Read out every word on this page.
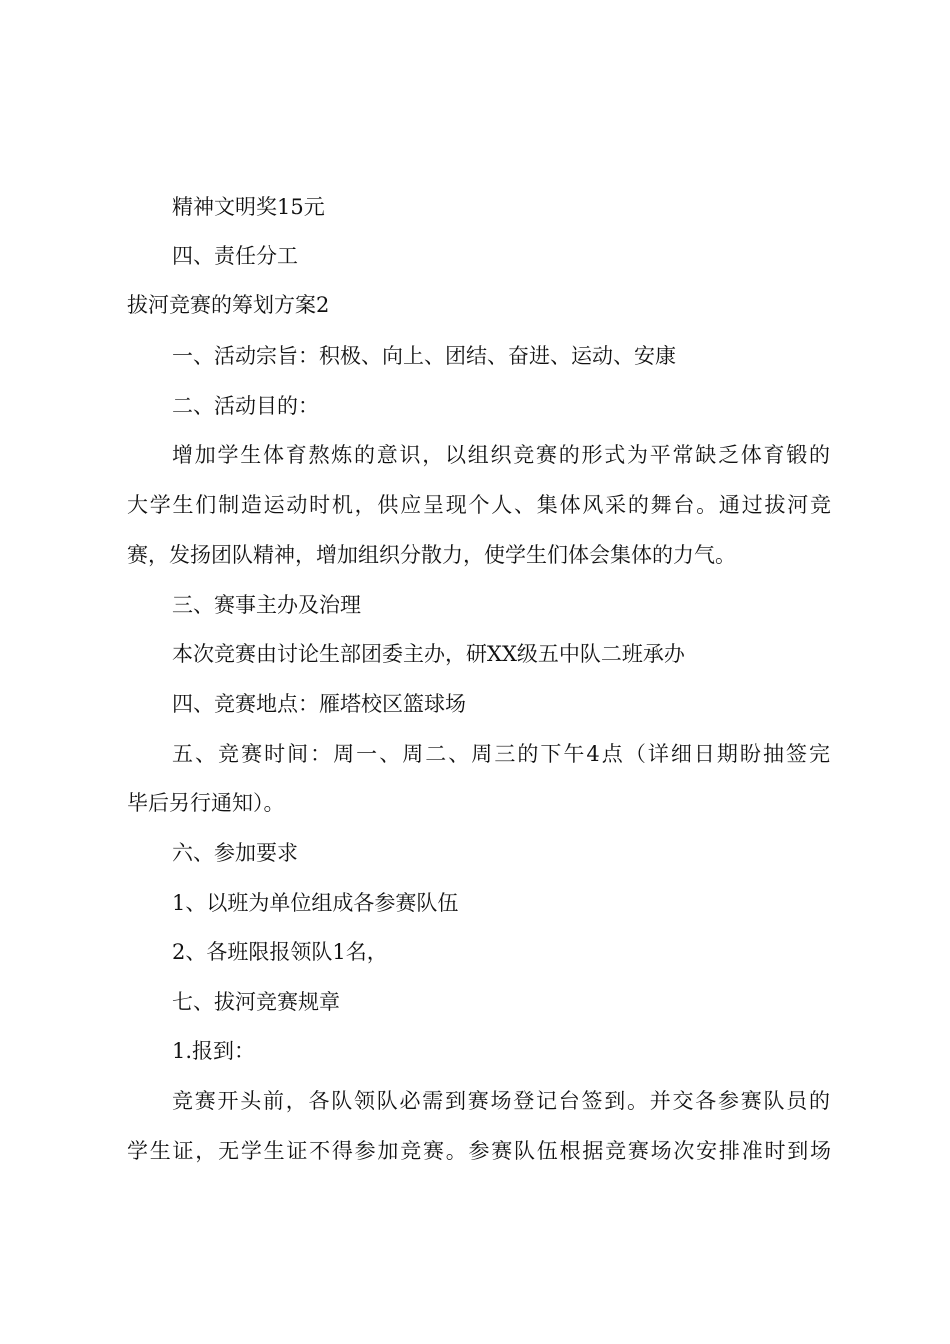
精神文明奖15元
四、责任分工
拔河竞赛的筹划方案2
一、活动宗旨：积极、向上、团结、奋进、运动、安康
二、活动目的：
增加学生体育熬炼的意识，以组织竞赛的形式为平常缺乏体育锻的
大学生们制造运动时机，供应呈现个人、集体风采的舞台。通过拔河竞
赛，发扬团队精神，增加组织分散力，使学生们体会集体的力气。
三、赛事主办及治理
本次竞赛由讨论生部团委主办，研XX级五中队二班承办
四、竞赛地点：雁塔校区篮球场
五、竞赛时间：周一、周二、周三的下午4点（详细日期盼抽签完
毕后另行通知）。
六、参加要求
1、以班为单位组成各参赛队伍
2、各班限报领队1名，
七、拔河竞赛规章
1.报到：
竞赛开头前，各队领队必需到赛场登记台签到。并交各参赛队员的
学生证，无学生证不得参加竞赛。参赛队伍根据竞赛场次安排准时到场
